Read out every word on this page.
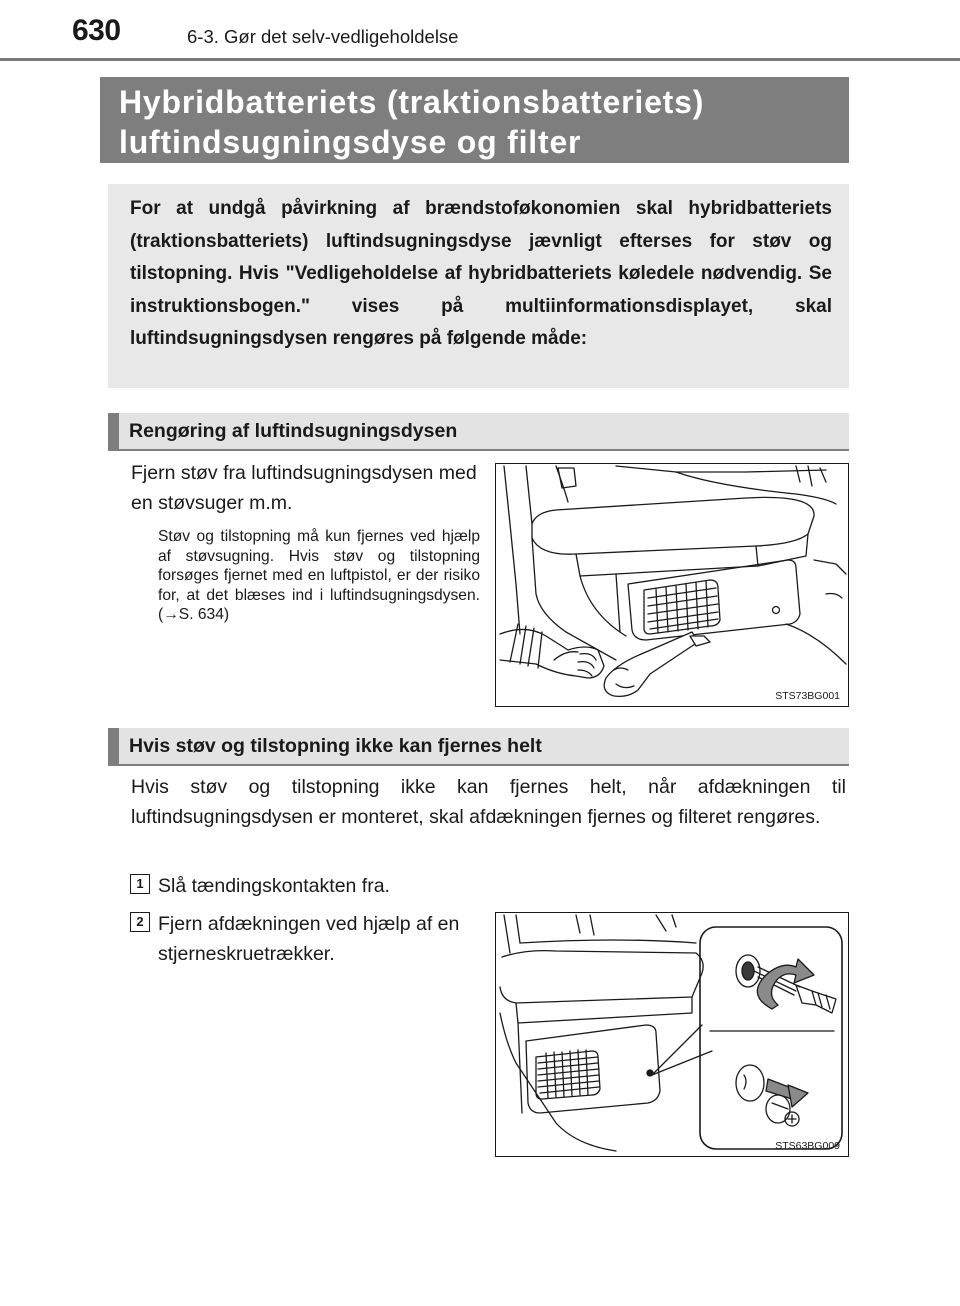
630	6-3. Gør det selv-vedligeholdelse
Hybridbatteriets (traktionsbatteriets)
luftindsugningsdyse og filter
For at undgå påvirkning af brændstoføkonomien skal hybridbatteriets (traktionsbatteriets) luftindsugningsdyse jævnligt efterses for støv og tilstopning. Hvis "Vedligeholdelse af hybridbatteriets køledele nødvendig. Se instruktionsbogen." vises på multiinformationsdisplayet, skal luftindsugningsdysen rengøres på følgende måde:
Rengøring af luftindsugningsdysen
Fjern støv fra luftindsugningsdysen med en støvsuger m.m.
Støv og tilstopning må kun fjernes ved hjælp af støvsugning. Hvis støv og tilstopning forsøges fjernet med en luftpistol, er der risiko for, at det blæses ind i luftindsugningsdysen. (→S. 634)
STS73BG001
Hvis støv og tilstopning ikke kan fjernes helt
Hvis støv og tilstopning ikke kan fjernes helt, når afdækningen til luftindsugningsdysen er monteret, skal afdækningen fjernes og filteret rengøres.
1 Slå tændingskontakten fra.
2 Fjern afdækningen ved hjælp af en stjerneskruetrækker.
STS63BG009
